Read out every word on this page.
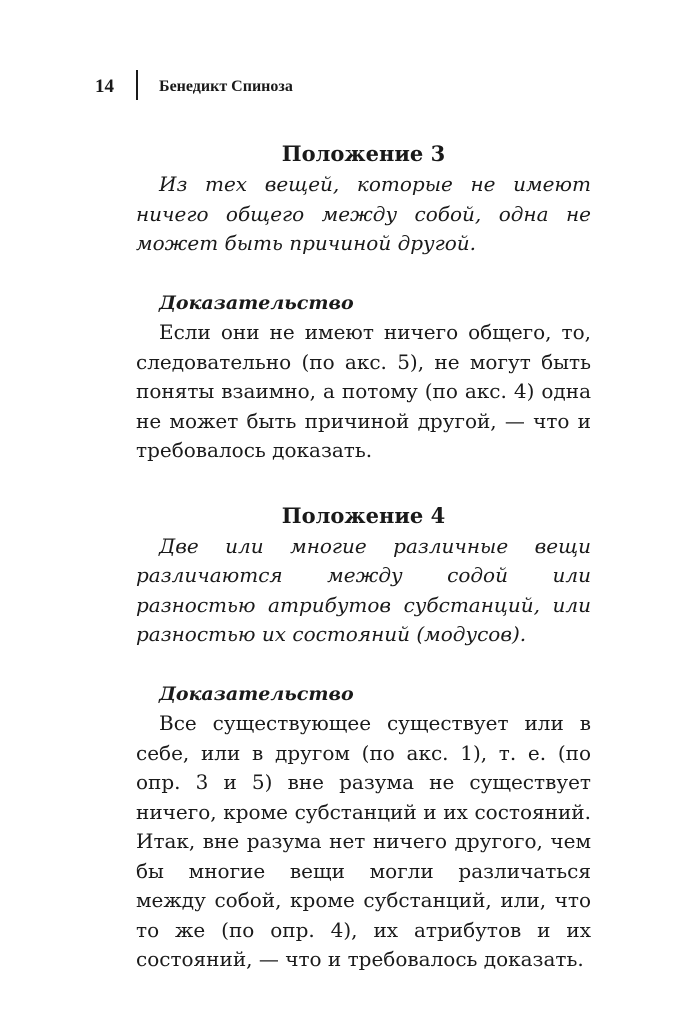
14	Бенедикт Спиноза
Положение 3

Из тех вещей, которые не имеют ничего общего между собой, одна не может быть причиной другой.

Доказательство

Если они не имеют ничего общего, то, следовательно (по акс. 5), не могут быть поняты взаимно, а потому (по акс. 4) одна не может быть причиной другой, — что и требовалось доказать.

Положение 4

Две или многие различные вещи различаются между содой или разностью атрибутов субстанций, или разностью их состояний (модусов).

Доказательство

Все существующее существует или в себе, или в другом (по акс. 1), т. е. (по опр. 3 и 5) вне разума не существует ничего, кроме субстанций и их состояний. Итак, вне разума нет ничего другого, чем бы многие вещи могли различаться между собой, кроме субстанций, или, что то же (по опр. 4), их атрибутов и их состояний, — что и требовалось доказать.
